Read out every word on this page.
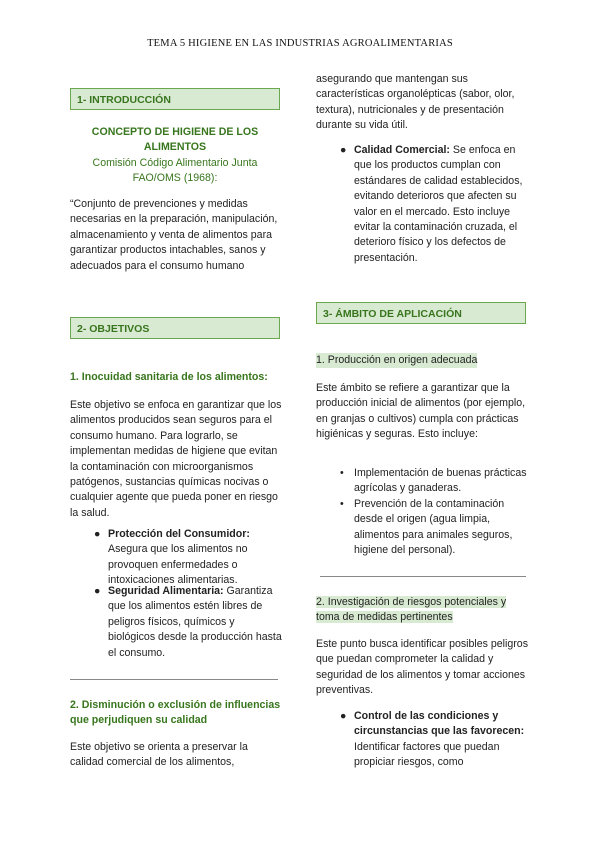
TEMA 5 HIGIENE EN LAS INDUSTRIAS AGROALIMENTARIAS
1- INTRODUCCIÓN
CONCEPTO DE HIGIENE DE LOS ALIMENTOS
Comisión Código Alimentario Junta FAO/OMS (1968):

“Conjunto de prevenciones y medidas necesarias en la preparación, manipulación, almacenamiento y venta de alimentos para garantizar productos intachables, sanos y adecuados para el consumo humano

2- OBJETIVOS
1. Inocuidad sanitaria de los alimentos:

Este objetivo se enfoca en garantizar que los alimentos producidos sean seguros para el consumo humano. Para lograrlo, se implementan medidas de higiene que evitan la contaminación con microorganismos patógenos, sustancias químicas nocivas o cualquier agente que pueda poner en riesgo la salud.

● Protección del Consumidor: Asegura que los alimentos no provoquen enfermedades o intoxicaciones alimentarias.
● Seguridad Alimentaria: Garantiza que los alimentos estén libres de peligros físicos, químicos y biológicos desde la producción hasta el consumo.
2. Disminución o exclusión de influencias que perjudiquen su calidad

Este objetivo se orienta a preservar la calidad comercial de los alimentos,

asegurando que mantengan sus características organolépticas (sabor, olor, textura), nutricionales y de presentación durante su vida útil.

● Calidad Comercial: Se enfoca en que los productos cumplan con estándares de calidad establecidos, evitando deterioros que afecten su valor en el mercado. Esto incluye evitar la contaminación cruzada, el deterioro físico y los defectos de presentación.
3- ÁMBITO DE APLICACIÓN
1. Producción en origen adecuada

Este ámbito se refiere a garantizar que la producción inicial de alimentos (por ejemplo, en granjas o cultivos) cumpla con prácticas higiénicas y seguras. Esto incluye:

• Implementación de buenas prácticas agrícolas y ganaderas.
• Prevención de la contaminación desde el origen (agua limpia, alimentos para animales seguros, higiene del personal).
2. Investigación de riesgos potenciales y toma de medidas pertinentes

Este punto busca identificar posibles peligros que puedan comprometer la calidad y seguridad de los alimentos y tomar acciones preventivas.

● Control de las condiciones y circunstancias que las favorecen: Identificar factores que puedan propiciar riesgos, como
